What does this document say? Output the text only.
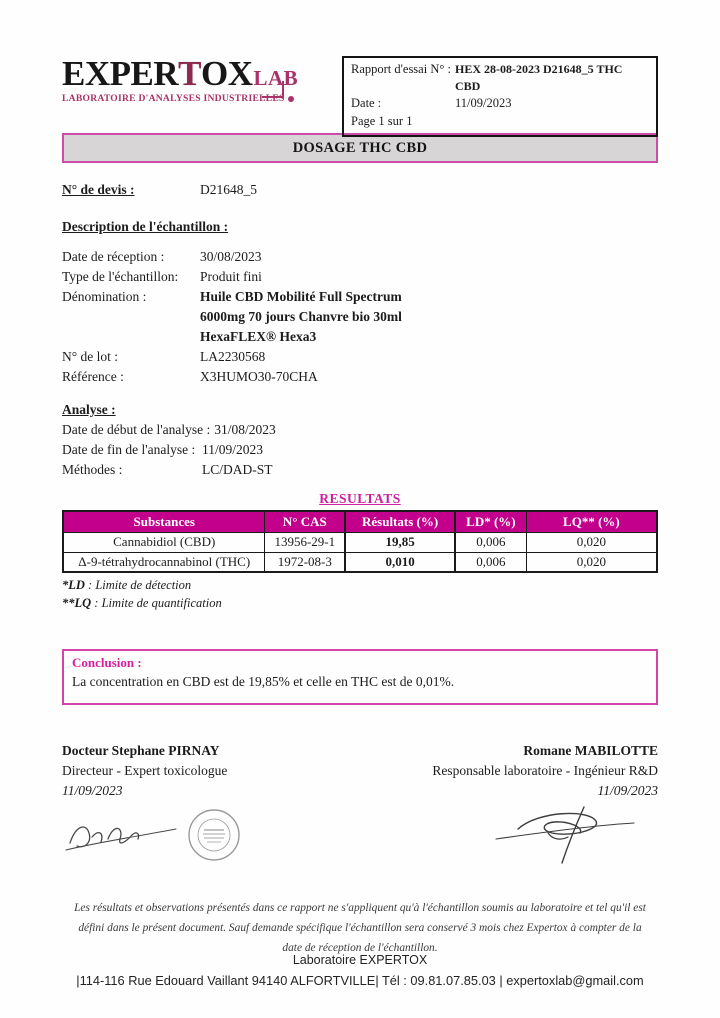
EXPER T OX LAB
LABORATOIRE D'ANALYSES INDUSTRIELLES
Rapport d'essai N° : HEX 28-08-2023 D21648_5 THC CBD
Date :	11/09/2023
Page 1 sur 1
DOSAGE THC CBD
N° de devis :	D21648_5
Description de l'échantillon :
Date de réception :	30/08/2023
Type de l'échantillon:	Produit fini
Dénomination :	Huile CBD Mobilité Full Spectrum
6000mg 70 jours Chanvre bio 30ml
HexaFLEX® Hexa3
N° de lot :	LA2230568
Référence :	X3HUMO30-70CHA
Analyse :
Date de début de l'analyse : 31/08/2023
Date de fin de l'analyse : 11/09/2023
Méthodes :	LC/DAD-ST
RESULTATS
Substances	N° CAS	Résultats (%)	LD* (%)	LQ** (%)
Cannabidiol (CBD)	13956-29-1	19,85	0,006	0,020
Δ-9-tétrahydrocannabinol (THC)	1972-08-3	0,010	0,006	0,020
*LD : Limite de détection
**LQ : Limite de quantification
Conclusion :
La concentration en CBD est de 19,85% et celle en THC est de 0,01%.
Docteur Stephane PIRNAY
Directeur - Expert toxicologue
11/09/2023
Romane MABILOTTE
Responsable laboratoire - Ingénieur R&D
11/09/2023
Les résultats et observations présentés dans ce rapport ne s'appliquent qu'à l'échantillon soumis au laboratoire et tel qu'il est défini dans le présent document. Sauf demande spécifique l'échantillon sera conservé 3 mois chez Expertox à compter de la date de réception de l'échantillon.
Laboratoire EXPERTOX
|114-116 Rue Edouard Vaillant 94140 ALFORTVILLE| Tél : 09.81.07.85.03 | expertoxlab@gmail.com
